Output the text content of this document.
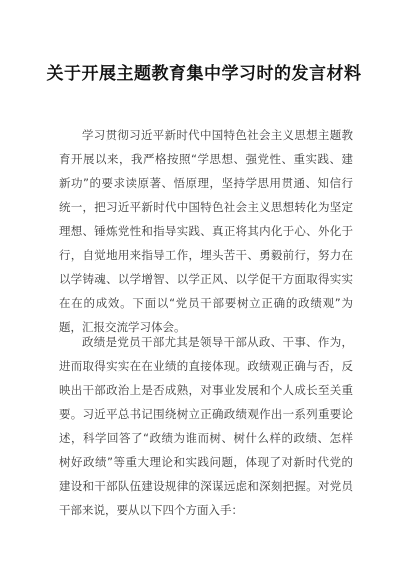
关于开展主题教育集中学习时的发言材料
学习贯彻习近平新时代中国特色社会主义思想主题教
育开展以来，我严格按照“学思想、强党性、重实践、建
新功”的要求读原著、悟原理，坚持学思用贯通、知信行
统一，把习近平新时代中国特色社会主义思想转化为坚定
理想、锤炼党性和指导实践、真正将其内化于心、外化于
行，自觉地用来指导工作，埋头苦干、勇毅前行，努力在
以学铸魂、以学增智、以学正风、以学促干方面取得实实
在在的成效。下面以“党员干部要树立正确的政绩观”为
题，汇报交流学习体会。
政绩是党员干部尤其是领导干部从政、干事、作为，
进而取得实实在在业绩的直接体现。政绩观正确与否，反
映出干部政治上是否成熟，对事业发展和个人成长至关重
要。习近平总书记围绕树立正确政绩观作出一系列重要论
述，科学回答了“政绩为谁而树、树什么样的政绩、怎样
树好政绩”等重大理论和实践问题，体现了对新时代党的
建设和干部队伍建设规律的深谋远虑和深刻把握。对党员
干部来说，要从以下四个方面入手：
